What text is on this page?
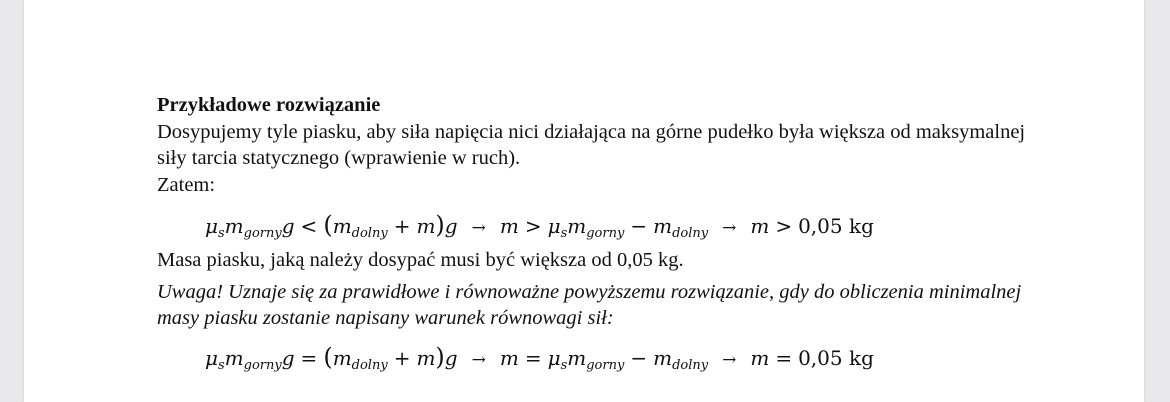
Przykładowe rozwiązanie

Dosypujemy tyle piasku, aby siła napięcia nici działająca na górne pudełko była większa od maksymalnej siły tarcia statycznego (wprawienie w ruch).

Zatem:

$\mu_sm_{gorny}g < (m_{dolny} + m)g \to m > \mu_sm_{gorny} - m_{dolny} \to m > 0,05$ kg

Masa piasku, jaką należy dosypać musi być większa od 0,05 kg.

Uwaga! Uznaje się za prawidłowe i równoważne powyższemu rozwiązanie, gdy do obliczenia minimalnej masy piasku zostanie napisany warunek równowagi sił:

$\mu_sm_{gorny}g = (m_{dolny} + m)g \to m = \mu_sm_{gorny} - m_{dolny} \to m = 0,05$ kg
